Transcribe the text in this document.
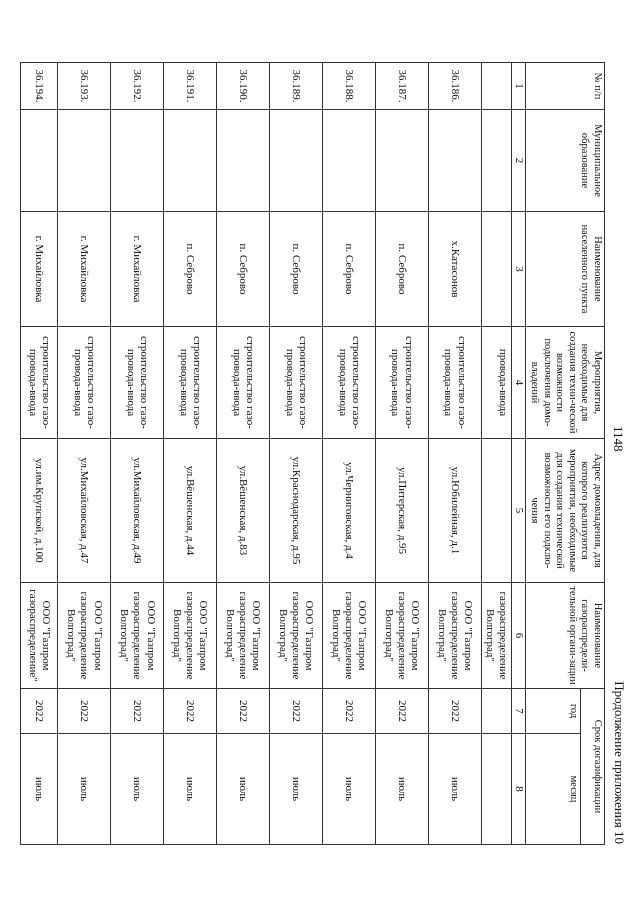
Продолжение приложения 10
1148
№ п/п	Муниципальное образование	Наименование населенного пункта	Мероприятия, необходимые для создания техни-ческой возможности подключения домо-владений	Адрес домовладения, для которого реализуются мероприятия, необходимые для создания технической возможности его подклю-чения	Наименование газораспредели-тельной органи-зации	Срок догазификации	
						год	месяц
1	2	3	4	5	6	7	8
			провода-ввода		газораспределение Волгоград"		
36.186.		х.Катасонов	строительство газо-провода-ввода	ул.Юбилейная, д.1	ООО "Газпром газораспределение Волгоград"	2022	июль
36.187.		п. Себрово	строительство газо-провода-ввода	ул.Питерская, д.95	ООО "Газпром газораспределение Волгоград"	2022	июль
36.188.		п. Себрово	строительство газо-провода-ввода	ул.Черниговская, д.4	ООО "Газпром газораспределение Волгоград"	2022	июль
36.189.		п. Себрово	строительство газо-провода-ввода	ул.Краснодарская, д.95	ООО "Газпром газораспределение Волгоград"	2022	июль
36.190.		п. Себрово	строительство газо-провода-ввода	ул.Вёшенская, д.83	ООО "Газпром газораспределение Волгоград"	2022	июль
36.191.		п. Себрово	строительство газо-провода-ввода	ул.Вёшенская, д.44	ООО "Газпром газораспределение Волгоград"	2022	июль
36.192.		г. Михайловка	строительство газо-провода-ввода	ул.Михайловская, д.49	ООО "Газпром газораспределение Волгоград"	2022	июль
36.193.		г. Михайловка	строительство газо-провода-ввода	ул.Михайловская, д.47	ООО "Газпром газораспределение Волгоград"	2022	июль
36.194.		г. Михайловка	строительство газо-провода-ввода	ул.им.Крупской, д.100	ООО "Газпром газораспределение"	2022	июль
